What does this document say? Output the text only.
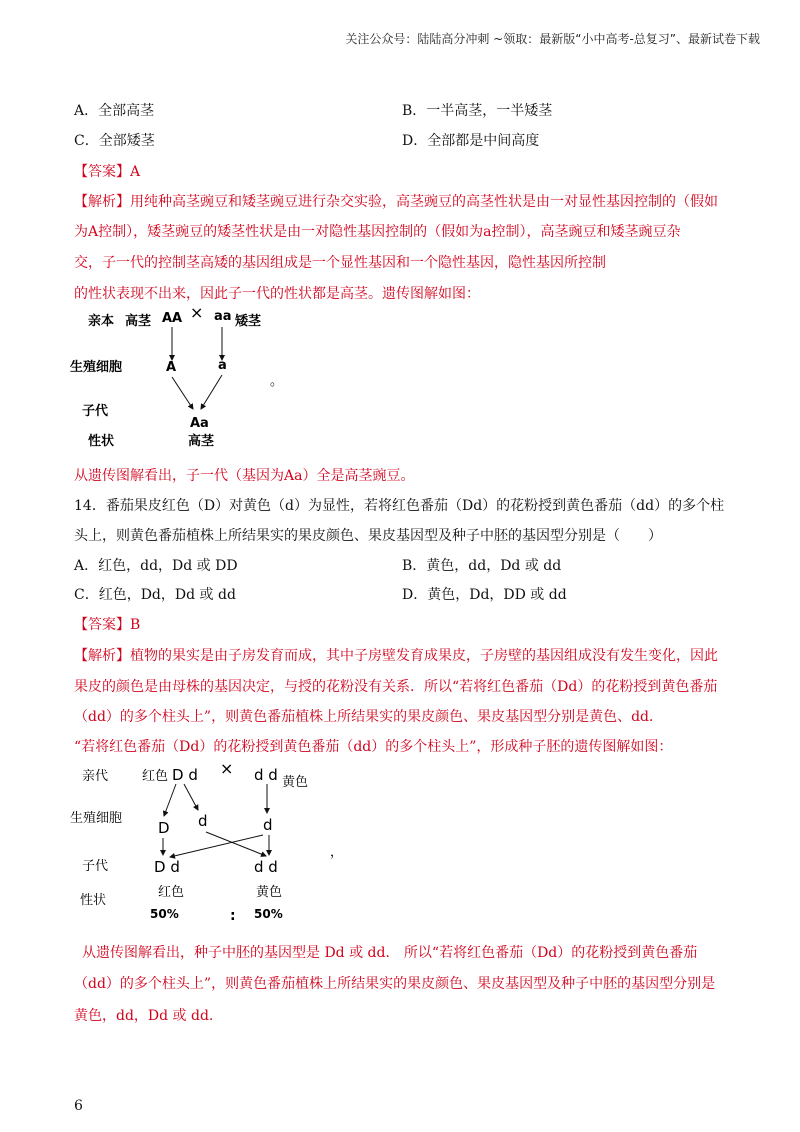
关注公众号：陆陆高分冲刺 ~领取：最新版“小中高考-总复习”、最新试卷下载
A．全部高茎	B．一半高茎，一半矮茎
C．全部矮茎	D．全部都是中间高度
【答案】A
【解析】用纯种高茎豌豆和矮茎豌豆进行杂交实验，高茎豌豆的高茎性状是由一对显性基因控制的（假如
为A控制），矮茎豌豆的矮茎性状是由一对隐性基因控制的（假如为a控制），高茎豌豆和矮茎豌豆杂
交，子一代的控制茎高矮的基因组成是一个显性基因和一个隐性基因，隐性基因所控制
的性状表现不出来，因此子一代的性状都是高茎。遗传图解如图：
亲本 高茎 AA × aa 矮茎
生殖细胞	A	a
。
子代
Aa
性状	高茎
从遗传图解看出，子一代（基因为Aa）全是高茎豌豆。
14．番茄果皮红色（D）对黄色（d）为显性，若将红色番茄（Dd）的花粉授到黄色番茄（dd）的多个柱
头上，则黄色番茄植株上所结果实的果皮颜色、果皮基因型及种子中胚的基因型分别是（　　）
A．红色，dd，Dd 或 DD	B．黄色，dd，Dd 或 dd
C．红色，Dd，Dd 或 dd	D．黄色，Dd，DD 或 dd
【答案】B
【解析】植物的果实是由子房发育而成，其中子房壁发育成果皮，子房壁的基因组成没有发生变化，因此
果皮的颜色是由母株的基因决定，与授的花粉没有关系．所以“若将红色番茄（Dd）的花粉授到黄色番茄
（dd）的多个柱头上”，则黄色番茄植株上所结果实的果皮颜色、果皮基因型分别是黄色、dd．
“若将红色番茄（Dd）的花粉授到黄色番茄（dd）的多个柱头上”，形成种子胚的遗传图解如图：
亲代	红色 D d × d d 黄色
生殖细胞
D d	d
，
子代	D d	d d
性状
红色	黄色
50%	: 50%
从遗传图解看出，种子中胚的基因型是 Dd 或 dd． 所以“若将红色番茄（Dd）的花粉授到黄色番茄
（dd）的多个柱头上”，则黄色番茄植株上所结果实的果皮颜色、果皮基因型及种子中胚的基因型分别是
黄色，dd，Dd 或 dd.
6
